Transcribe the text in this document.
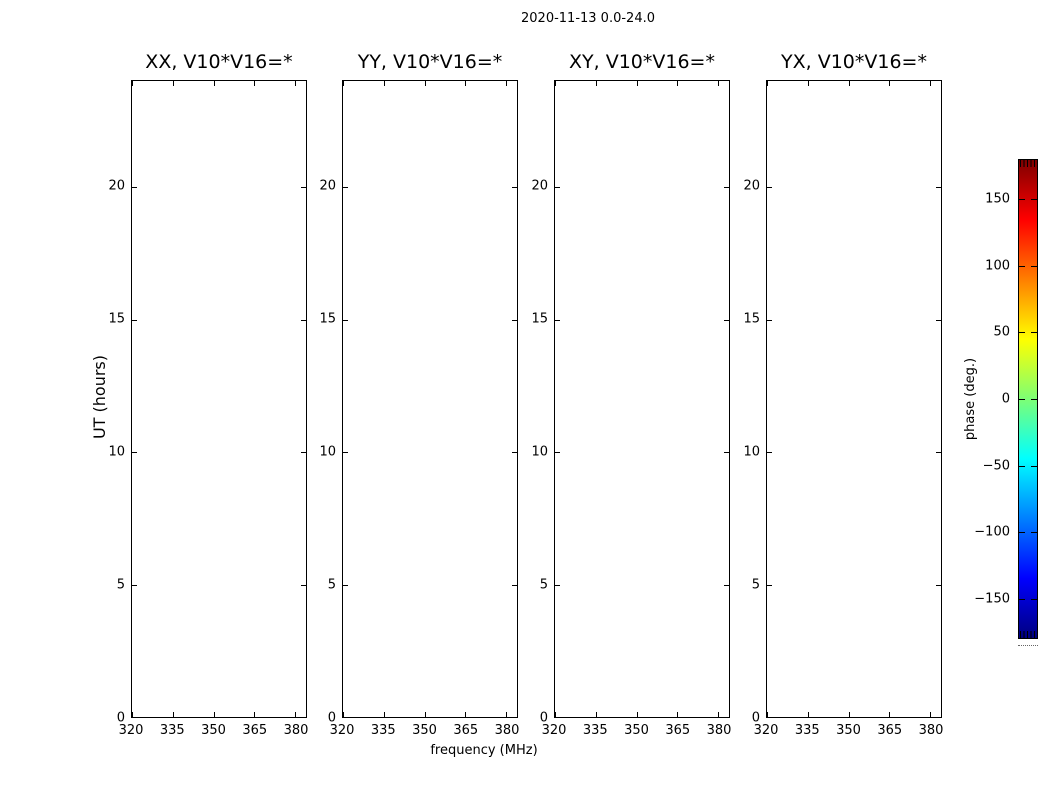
2020-11-13 0.0-24.0
frequency (MHz)
UT (hours)	phase (deg.)
XX, V10*V16=*
320 335 350 365 380
0
5
10
15
20
YY, V10*V16=*
320 335 350 365 380
0
5
10
15
20
XY, V10*V16=*
320 335 350 365 380
0
5
10
15
20
YX, V10*V16=*
320 335 350 365 380
0
5
10
15
20
150
100
50
0
−50
−100
−150
